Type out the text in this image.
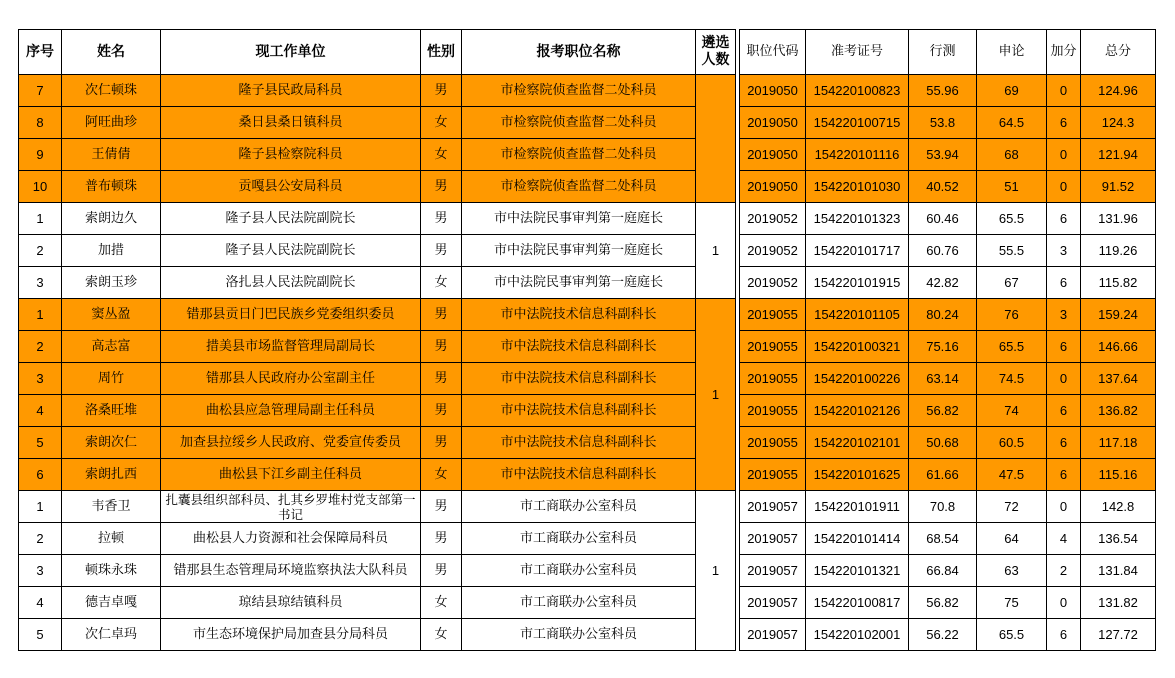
序号	姓名	现工作单位	性别	报考职位名称	遴选人数		职位代码	准考证号	行测	申论	加分	总分
7	次仁顿珠	隆子县民政局科员	男	市检察院侦查监督二处科员			2019050	154220100823	55.96	69	0	124.96
8	阿旺曲珍	桑日县桑日镇科员	女	市检察院侦查监督二处科员			2019050	154220100715	53.8	64.5	6	124.3
9	王倩倩	隆子县检察院科员	女	市检察院侦查监督二处科员			2019050	154220101116	53.94	68	0	121.94
10	普布顿珠	贡嘎县公安局科员	男	市检察院侦查监督二处科员			2019050	154220101030	40.52	51	0	91.52
1	索朗边久	隆子县人民法院副院长	男	市中法院民事审判第一庭庭长	1		2019052	154220101323	60.46	65.5	6	131.96
2	加措	隆子县人民法院副院长	男	市中法院民事审判第一庭庭长			2019052	154220101717	60.76	55.5	3	119.26
3	索朗玉珍	洛扎县人民法院副院长	女	市中法院民事审判第一庭庭长			2019052	154220101915	42.82	67	6	115.82
1	窦丛盈	错那县贡日门巴民族乡党委组织委员	男	市中法院技术信息科副科长	1		2019055	154220101105	80.24	76	3	159.24
2	高志富	措美县市场监督管理局副局长	男	市中法院技术信息科副科长			2019055	154220100321	75.16	65.5	6	146.66
3	周竹	错那县人民政府办公室副主任	男	市中法院技术信息科副科长			2019055	154220100226	63.14	74.5	0	137.64
4	洛桑旺堆	曲松县应急管理局副主任科员	男	市中法院技术信息科副科长			2019055	154220102126	56.82	74	6	136.82
5	索朗次仁	加查县拉绥乡人民政府、党委宣传委员	男	市中法院技术信息科副科长			2019055	154220102101	50.68	60.5	6	117.18
6	索朗扎西	曲松县下江乡副主任科员	女	市中法院技术信息科副科长			2019055	154220101625	61.66	47.5	6	115.16
1	韦香卫	扎囊县组织部科员、扎其乡罗堆村党支部第一书记	男	市工商联办公室科员	1		2019057	154220101911	70.8	72	0	142.8
2	拉顿	曲松县人力资源和社会保障局科员	男	市工商联办公室科员			2019057	154220101414	68.54	64	4	136.54
3	顿珠永珠	错那县生态管理局环境监察执法大队科员	男	市工商联办公室科员			2019057	154220101321	66.84	63	2	131.84
4	德吉卓嘎	琼结县琼结镇科员	女	市工商联办公室科员			2019057	154220100817	56.82	75	0	131.82
5	次仁卓玛	市生态环境保护局加查县分局科员	女	市工商联办公室科员			2019057	154220102001	56.22	65.5	6	127.72
